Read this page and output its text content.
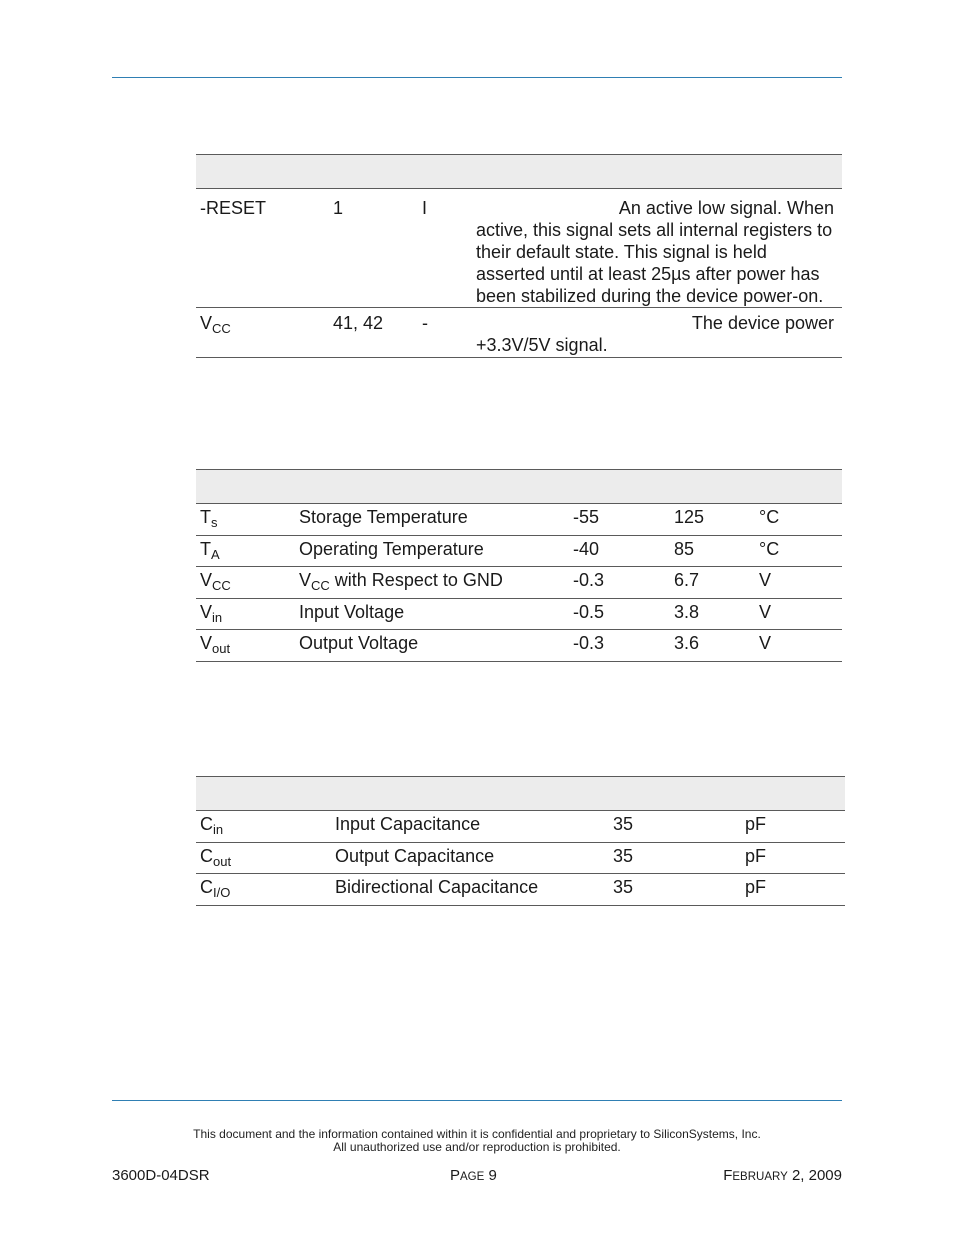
-RESET	1	I	An active low signal. When
active, this signal sets all internal registers to their default state. This signal is held asserted until at least 25µs after power has been stabilized during the device power-on.

$V_{CC}$	41, 42	-	The device power
+3.3V/5V signal.

$T_s$	Storage Temperature	-55	125	°C
$T_A$	Operating Temperature	-40	85	°C
$V_{CC}$	$V_{CC}$ with Respect to GND	-0.3	6.7	V
$V_{in}$	Input Voltage	-0.5	3.8	V
$V_{out}$	Output Voltage	-0.3	3.6	V

$C_{in}$	Input Capacitance	35	pF
$C_{out}$	Output Capacitance	35	pF
$C_{I/O}$	Bidirectional Capacitance	35	pF
This document and the information contained within it is confidential and proprietary to SiliconSystems, Inc.
All unauthorized use and/or reproduction is prohibited.
3600D-04DSR	PAGE 9	FEBRUARY 2, 2009
